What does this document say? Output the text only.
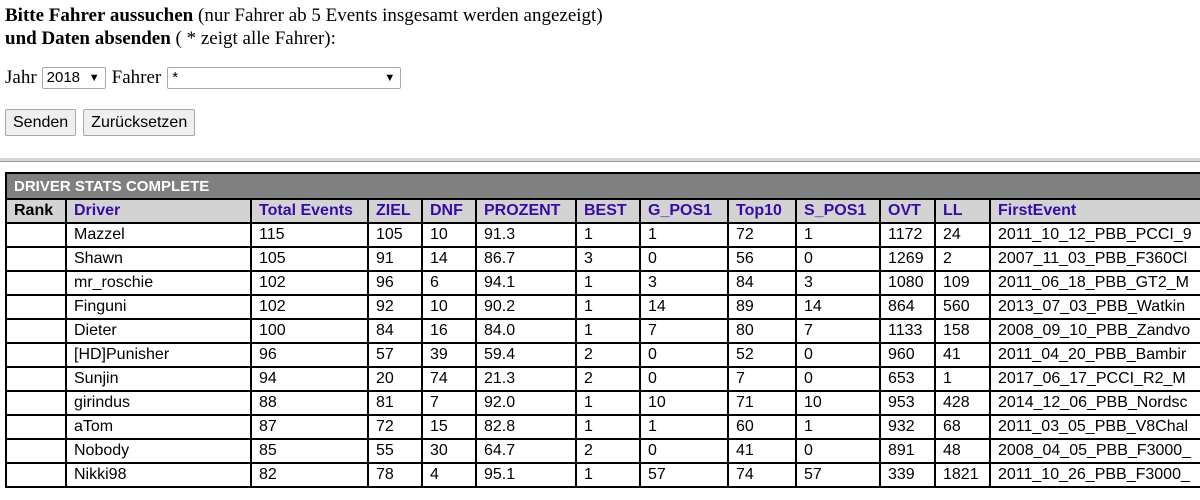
Bitte Fahrer aussuchen (nur Fahrer ab 5 Events insgesamt werden angezeigt)
und Daten absenden ( * zeigt alle Fahrer):
Jahr 2018 ▼ Fahrer *	▼
Senden	Zurücksetzen
DRIVER STATS COMPLETE												
Rank	Driver	Total Events	ZIEL	DNF	PROZENT	BEST	G_POS1	Top10	S_POS1	OVT	LL	FirstEvent
	Mazzel	115	105	10	91.3	1	1	72	1	1172	24	2011_10_12_PBB_PCCI_9
	Shawn	105	91	14	86.7	3	0	56	0	1269	2	2007_11_03_PBB_F360Cl
	mr_roschie	102	96	6	94.1	1	3	84	3	1080	109	2011_06_18_PBB_GT2_M
	Finguni	102	92	10	90.2	1	14	89	14	864	560	2013_07_03_PBB_Watkin
	Dieter	100	84	16	84.0	1	7	80	7	1133	158	2008_09_10_PBB_Zandvo
	[HD]Punisher	96	57	39	59.4	2	0	52	0	960	41	2011_04_20_PBB_Bambir
	Sunjin	94	20	74	21.3	2	0	7	0	653	1	2017_06_17_PCCI_R2_M
	girindus	88	81	7	92.0	1	10	71	10	953	428	2014_12_06_PBB_Nordsc
	aTom	87	72	15	82.8	1	1	60	1	932	68	2011_03_05_PBB_V8Chal
	Nobody	85	55	30	64.7	2	0	41	0	891	48	2008_04_05_PBB_F3000_
	Nikki98	82	78	4	95.1	1	57	74	57	339	1821	2011_10_26_PBB_F3000_
